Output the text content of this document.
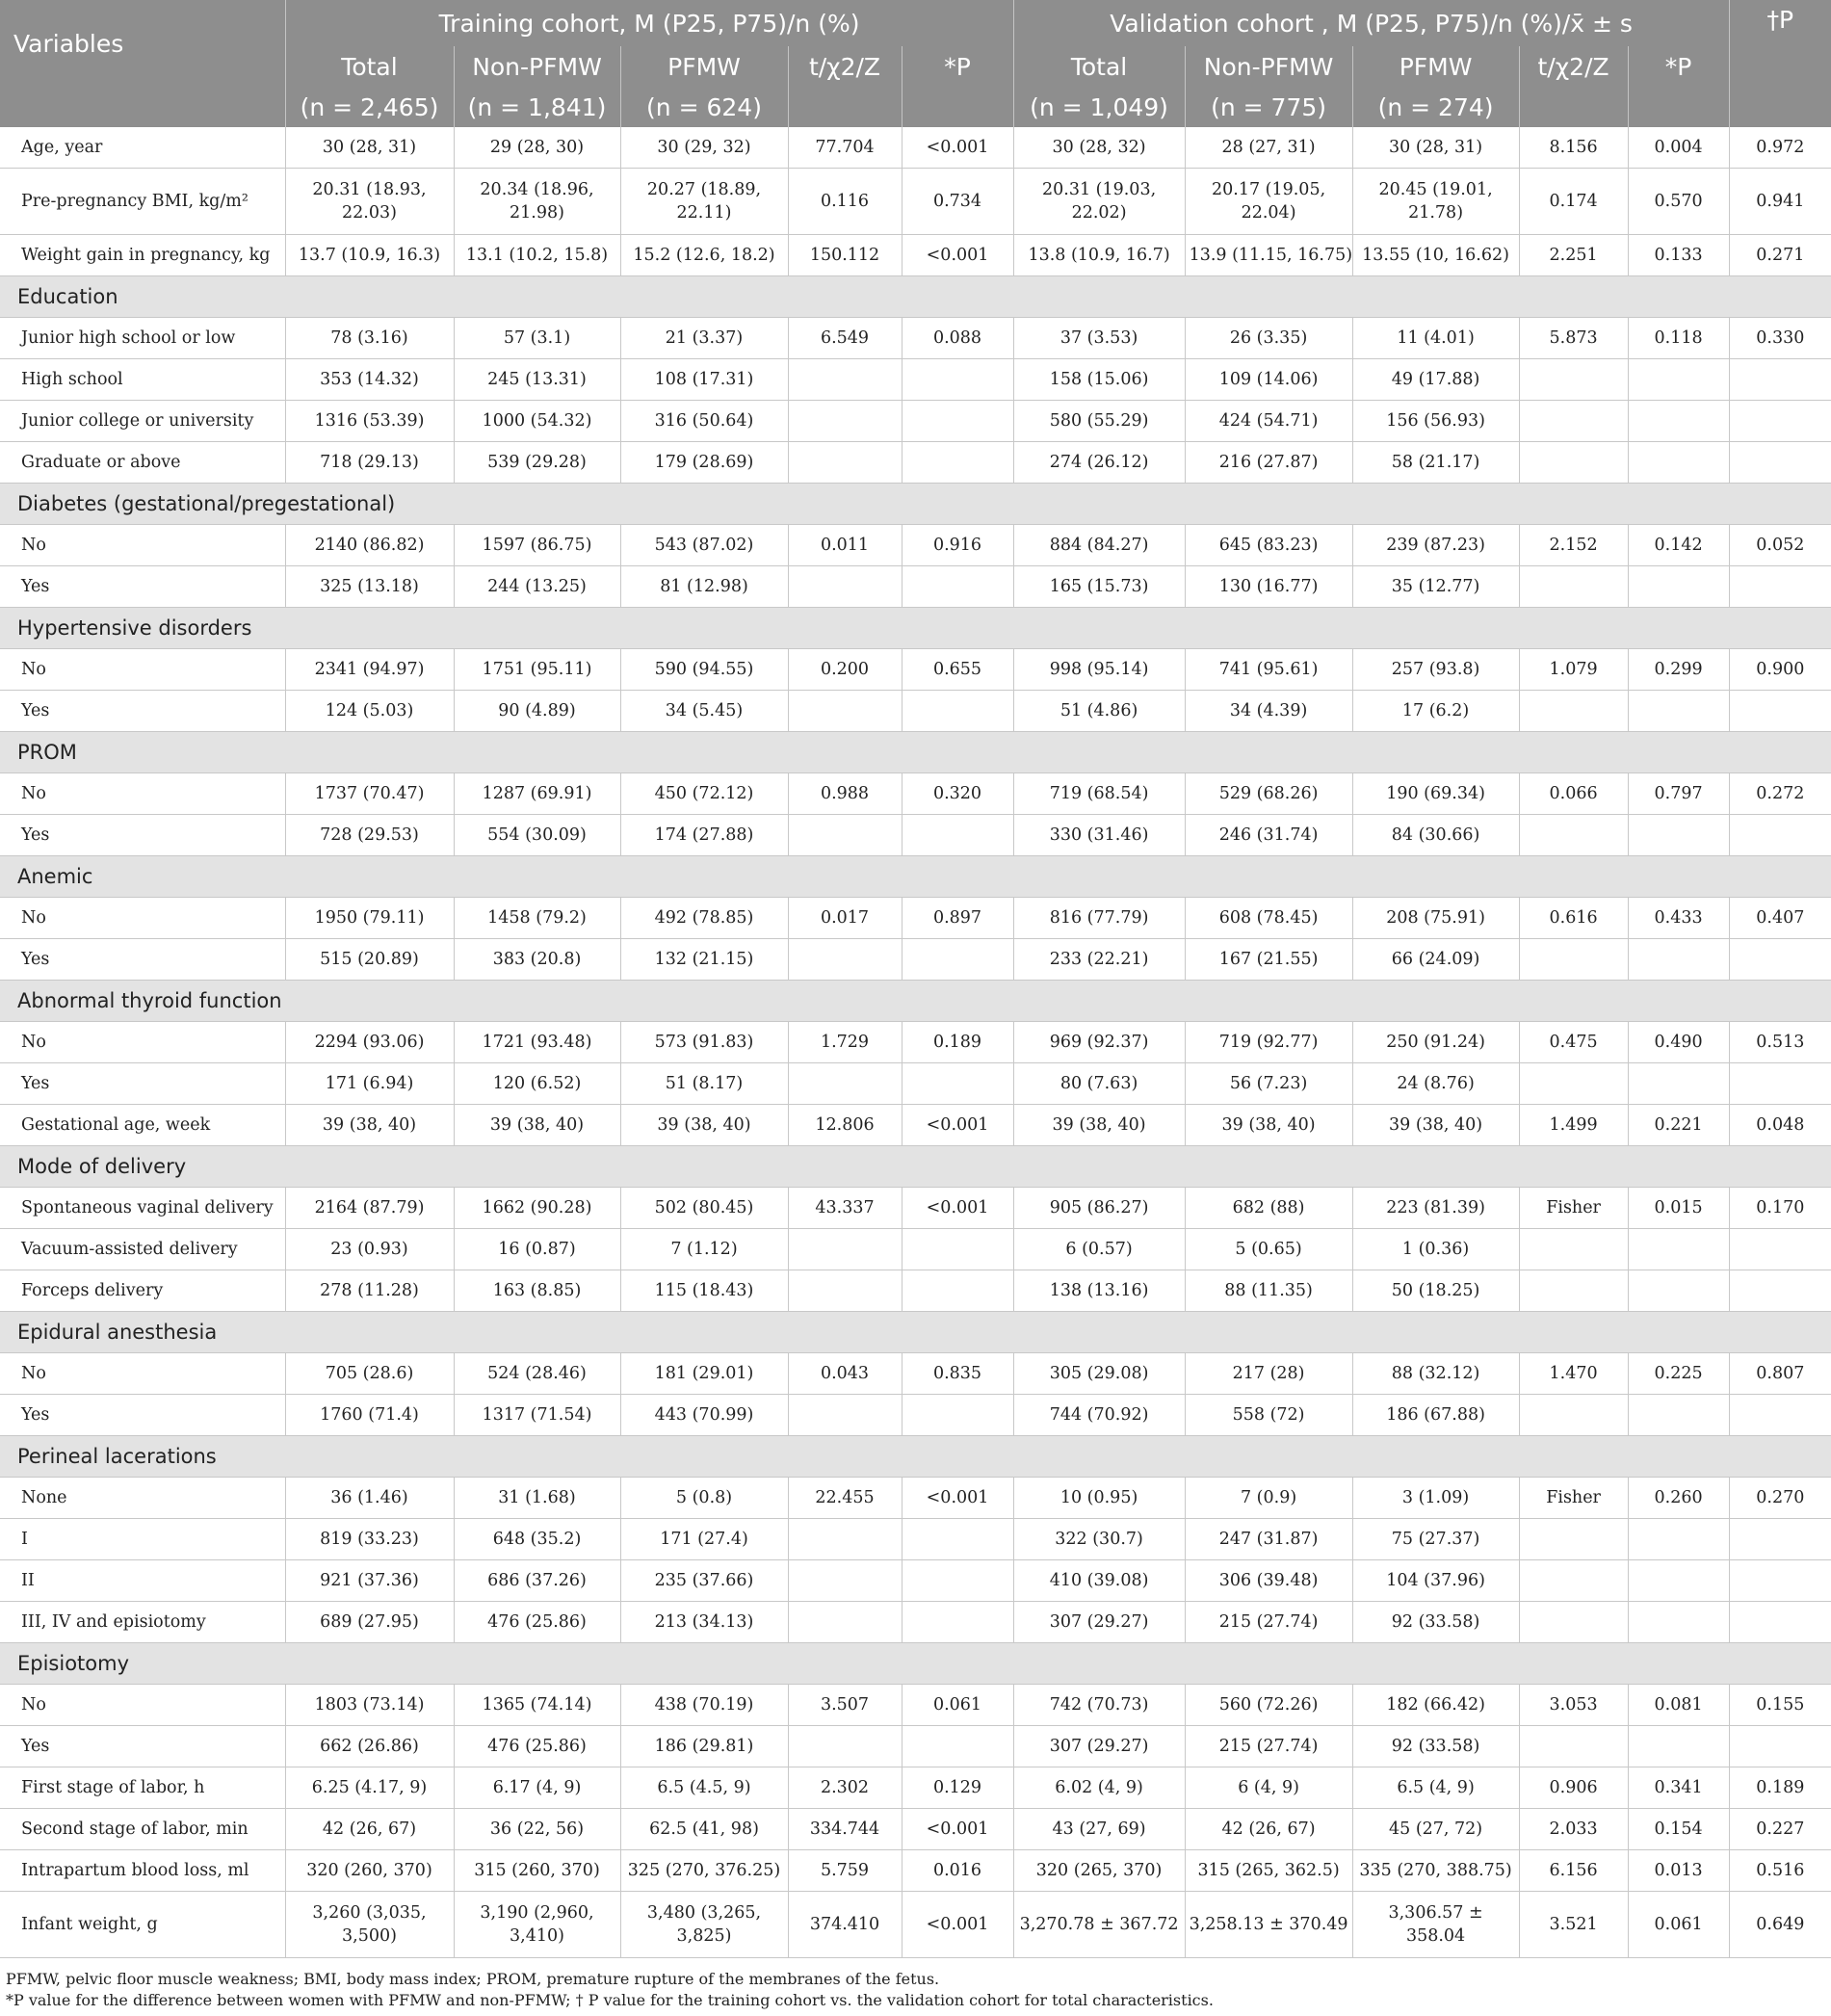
Variables	Training cohort, M (P25, P75)/n (%)					Validation cohort , M (P25, P75)/n (%)/x̄ ± s					†P
	Total	Non-PFMW	PFMW	t/χ2/Z	*P	Total	Non-PFMW	PFMW	t/χ2/Z	*P	
	(n = 2,465)	(n = 1,841)	(n = 624)			(n = 1,049)	(n = 775)	(n = 274)			
Age, year	30 (28, 31)	29 (28, 30)	30 (29, 32)	77.704	<0.001	30 (28, 32)	28 (27, 31)	30 (28, 31)	8.156	0.004	0.972
Pre-pregnancy BMI, kg/m²	20.31 (18.93, 22.03)	20.34 (18.96, 21.98)	20.27 (18.89, 22.11)	0.116	0.734	20.31 (19.03, 22.02)	20.17 (19.05, 22.04)	20.45 (19.01, 21.78)	0.174	0.570	0.941
Weight gain in pregnancy, kg	13.7 (10.9, 16.3)	13.1 (10.2, 15.8)	15.2 (12.6, 18.2)	150.112	<0.001	13.8 (10.9, 16.7)	13.9 (11.15, 16.75)	13.55 (10, 16.62)	2.251	0.133	0.271
Education											
Junior high school or low	78 (3.16)	57 (3.1)	21 (3.37)	6.549	0.088	37 (3.53)	26 (3.35)	11 (4.01)	5.873	0.118	0.330
High school	353 (14.32)	245 (13.31)	108 (17.31)			158 (15.06)	109 (14.06)	49 (17.88)			
Junior college or university	1316 (53.39)	1000 (54.32)	316 (50.64)			580 (55.29)	424 (54.71)	156 (56.93)			
Graduate or above	718 (29.13)	539 (29.28)	179 (28.69)			274 (26.12)	216 (27.87)	58 (21.17)			
Diabetes (gestational/pregestational)											
No	2140 (86.82)	1597 (86.75)	543 (87.02)	0.011	0.916	884 (84.27)	645 (83.23)	239 (87.23)	2.152	0.142	0.052
Yes	325 (13.18)	244 (13.25)	81 (12.98)			165 (15.73)	130 (16.77)	35 (12.77)			
Hypertensive disorders											
No	2341 (94.97)	1751 (95.11)	590 (94.55)	0.200	0.655	998 (95.14)	741 (95.61)	257 (93.8)	1.079	0.299	0.900
Yes	124 (5.03)	90 (4.89)	34 (5.45)			51 (4.86)	34 (4.39)	17 (6.2)			
PROM											
No	1737 (70.47)	1287 (69.91)	450 (72.12)	0.988	0.320	719 (68.54)	529 (68.26)	190 (69.34)	0.066	0.797	0.272
Yes	728 (29.53)	554 (30.09)	174 (27.88)			330 (31.46)	246 (31.74)	84 (30.66)			
Anemic											
No	1950 (79.11)	1458 (79.2)	492 (78.85)	0.017	0.897	816 (77.79)	608 (78.45)	208 (75.91)	0.616	0.433	0.407
Yes	515 (20.89)	383 (20.8)	132 (21.15)			233 (22.21)	167 (21.55)	66 (24.09)			
Abnormal thyroid function											
No	2294 (93.06)	1721 (93.48)	573 (91.83)	1.729	0.189	969 (92.37)	719 (92.77)	250 (91.24)	0.475	0.490	0.513
Yes	171 (6.94)	120 (6.52)	51 (8.17)			80 (7.63)	56 (7.23)	24 (8.76)			
Gestational age, week	39 (38, 40)	39 (38, 40)	39 (38, 40)	12.806	<0.001	39 (38, 40)	39 (38, 40)	39 (38, 40)	1.499	0.221	0.048
Mode of delivery											
Spontaneous vaginal delivery	2164 (87.79)	1662 (90.28)	502 (80.45)	43.337	<0.001	905 (86.27)	682 (88)	223 (81.39)	Fisher	0.015	0.170
Vacuum-assisted delivery	23 (0.93)	16 (0.87)	7 (1.12)			6 (0.57)	5 (0.65)	1 (0.36)			
Forceps delivery	278 (11.28)	163 (8.85)	115 (18.43)			138 (13.16)	88 (11.35)	50 (18.25)			
Epidural anesthesia											
No	705 (28.6)	524 (28.46)	181 (29.01)	0.043	0.835	305 (29.08)	217 (28)	88 (32.12)	1.470	0.225	0.807
Yes	1760 (71.4)	1317 (71.54)	443 (70.99)			744 (70.92)	558 (72)	186 (67.88)			
Perineal lacerations											
None	36 (1.46)	31 (1.68)	5 (0.8)	22.455	<0.001	10 (0.95)	7 (0.9)	3 (1.09)	Fisher	0.260	0.270
I	819 (33.23)	648 (35.2)	171 (27.4)			322 (30.7)	247 (31.87)	75 (27.37)			
II	921 (37.36)	686 (37.26)	235 (37.66)			410 (39.08)	306 (39.48)	104 (37.96)			
III, IV and episiotomy	689 (27.95)	476 (25.86)	213 (34.13)			307 (29.27)	215 (27.74)	92 (33.58)			
Episiotomy											
No	1803 (73.14)	1365 (74.14)	438 (70.19)	3.507	0.061	742 (70.73)	560 (72.26)	182 (66.42)	3.053	0.081	0.155
Yes	662 (26.86)	476 (25.86)	186 (29.81)			307 (29.27)	215 (27.74)	92 (33.58)			
First stage of labor, h	6.25 (4.17, 9)	6.17 (4, 9)	6.5 (4.5, 9)	2.302	0.129	6.02 (4, 9)	6 (4, 9)	6.5 (4, 9)	0.906	0.341	0.189
Second stage of labor, min	42 (26, 67)	36 (22, 56)	62.5 (41, 98)	334.744	<0.001	43 (27, 69)	42 (26, 67)	45 (27, 72)	2.033	0.154	0.227
Intrapartum blood loss, ml	320 (260, 370)	315 (260, 370)	325 (270, 376.25)	5.759	0.016	320 (265, 370)	315 (265, 362.5)	335 (270, 388.75)	6.156	0.013	0.516
Infant weight, g	3,260 (3,035, 3,500)	3,190 (2,960, 3,410)	3,480 (3,265, 3,825)	374.410	<0.001	3,270.78 ± 367.72	3,258.13 ± 370.49	3,306.57 ± 358.04	3.521	0.061	0.649
PFMW, pelvic floor muscle weakness; BMI, body mass index; PROM, premature rupture of the membranes of the fetus.
*P value for the difference between women with PFMW and non-PFMW; † P value for the training cohort vs. the validation cohort for total characteristics.
